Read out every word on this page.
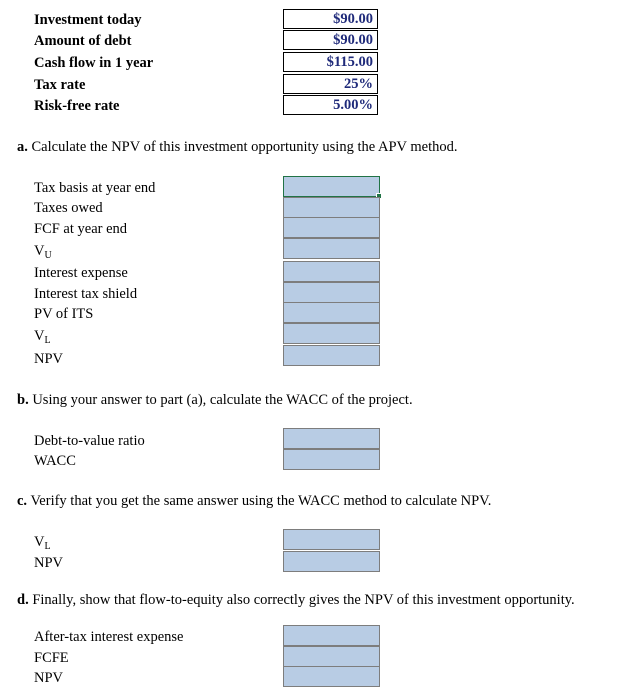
Investment today	$90.00
Amount of debt	$90.00
Cash flow in 1 year	$115.00
Tax rate	25%
Risk-free rate	5.00%
a. Calculate the NPV of this investment opportunity using the APV method.
Tax basis at year end
Taxes owed
FCF at year end
$V_U$
Interest expense
Interest tax shield
PV of ITS
$V_L$
NPV
b. Using your answer to part (a), calculate the WACC of the project.
Debt-to-value ratio
WACC
c. Verify that you get the same answer using the WACC method to calculate NPV.
$V_L$
NPV
d. Finally, show that flow-to-equity also correctly gives the NPV of this investment opportunity.
After-tax interest expense
FCFE
NPV
